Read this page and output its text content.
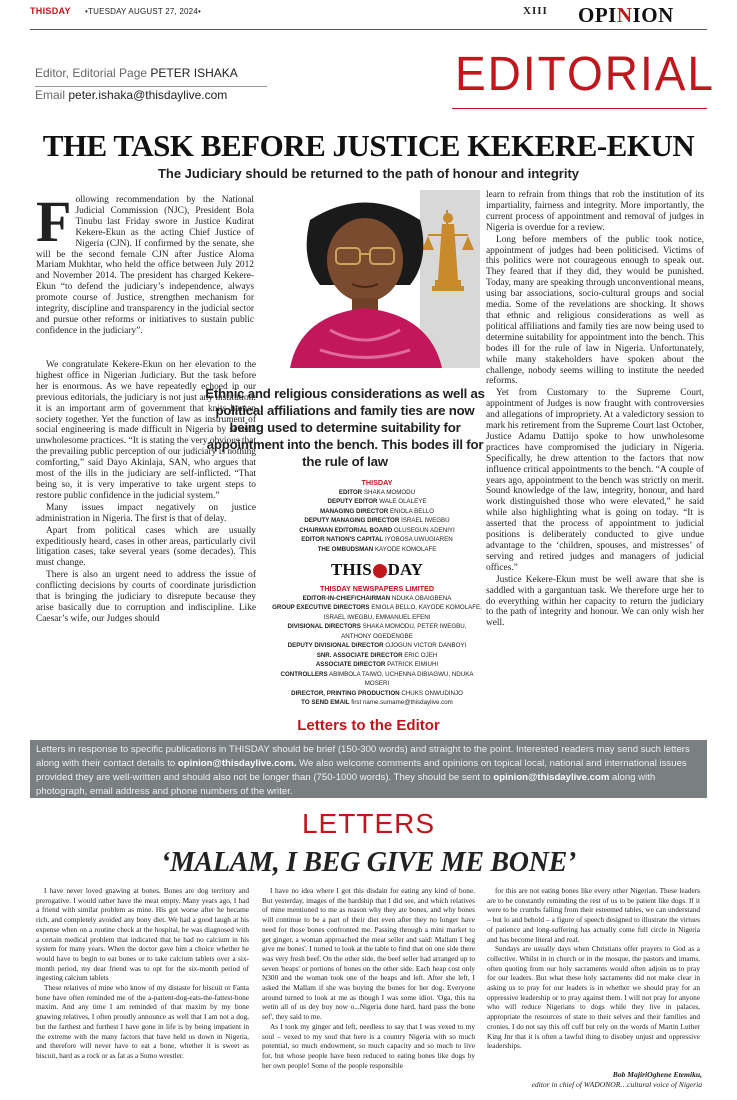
THISDAY •TUESDAY AUGUST 27, 2024•	XIII OPINION
Editor, Editorial Page PETER ISHAKA
Email peter.ishaka@thisdaylive.com	EDITORIAL
THE TASK BEFORE JUSTICE KEKERE-EKUN
The Judiciary should be returned to the path of honour and integrity
F ollowing recommendation by the National Judicial Commission (NJC), President Bola Tinubu last Friday swore in Justice Kudirat Kekere-Ekun as the acting Chief Justice of Nigeria (CJN). If confirmed by the senate, she will be the second female CJN after Justice Aloma Mariam Mukhtar, who held the office between July 2012 and November 2014. The president has charged Kekere-Ekun “to defend the judiciary’s independence, always promote course of Justice, strengthen mechanism for integrity, discipline and transparency in the judicial sector and pursue other reforms or initiatives to sustain public confidence in the judiciary”.

We congratulate Kekere-Ekun on her elevation to the highest office in Nigerian Judiciary. But the task before her is enormous. As we have repeatedly echoed in our previous editorials, the judiciary is not just any institution: it is an important arm of government that knits human society together. Yet the function of law as instrument of social engineering is made difficult in Nigeria by several unwholesome practices. “It is stating the very obvious that the prevailing public perception of our judiciary is nothing comforting,” said Dayo Akinlaja, SAN, who argues that most of the ills in the judiciary are self-inflicted. “That being so, it is very imperative to take urgent steps to restore public confidence in the judicial system.”

Many issues impact negatively on justice administration in Nigeria. The first is that of delay.

Apart from political cases which are usually expeditiously heard, cases in other areas, particularly civil litigation cases, take several years (some decades). This must change.

There is also an urgent need to address the issue of conflicting decisions by courts of coordinate jurisdiction that is bringing the judiciary to disrepute because they arise basically due to corruption and indiscipline. Like Caesar’s wife, our Judges should

Ethnic and religious considerations as well as political affiliations and family ties are now being used to determine suitability for appointment into the bench. This bodes ill for the rule of law

learn to refrain from things that rob the institution of its impartiality, fairness and integrity. More importantly, the current process of appointment and removal of judges in Nigeria is overdue for a review.

Long before members of the public took notice, appointment of judges had been politicised. Victims of this politics were not courageous enough to speak out. They feared that if they did, they would be punished. Today, many are speaking through unconventional means, using bar associations, socio-cultural groups and social media. Some of the revelations are shocking. It shows that ethnic and religious considerations as well as political affiliations and family ties are now being used to determine suitability for appointment into the bench. This bodes ill for the rule of law in Nigeria. Unfortunately, while many stakeholders have spoken about the challenge, nobody seems willing to institute the needed reforms.

Yet from Customary to the Supreme Court, appointment of Judges is now fraught with controversies and allegations of impropriety. At a valedictory session to mark his retirement from the Supreme Court last October, Justice Adamu Dattijo spoke to how unwholesome practices have compromised the judiciary in Nigeria. Specifically, he drew attention to the factors that now influence critical appointments to the bench. “A couple of years ago, appointment to the bench was strictly on merit. Sound knowledge of the law, integrity, honour, and hard work distinguished those who were elevated,” he said while also highlighting what is going on today. “It is asserted that the process of appointment to judicial positions is deliberately conducted to give undue advantage to the ‘children, spouses, and mistresses’ of serving and retired judges and managers of judicial offices.”

Justice Kekere-Ekun must be well aware that she is saddled with a gargantuan task. We therefore urge her to do everything within her capacity to return the judiciary to the path of integrity and honour. We can only wish her well.

THISDAY
EDITOR SHAKA MOMODU
DEPUTY EDITOR WALE OLALEYE
MANAGING DIRECTOR ENIOLA BELLO
DEPUTY MANAGING DIRECTOR ISRAEL IWEGBU
CHAIRMAN EDITORIAL BOARD OLUSEGUN ADENIYI
EDITOR NATION'S CAPITAL IYOBOSA UWUGIAREN
THE OMBUDSMAN KAYODE KOMOLAFE
THIS DAY
THISDAY NEWSPAPERS LIMITED
EDITOR-IN-CHIEF/CHAIRMAN NDUKA OBAIGBENA
GROUP EXECUTIVE DIRECTORS ENIOLA BELLO, KAYODE KOMOLAFE, ISRAEL IWEGBU, EMMANUEL EFENI
DIVISIONAL DIRECTORS SHAKA MOMODU, PETER IWEGBU, ANTHONY OGEDENGBE
DEPUTY DIVISIONAL DIRECTOR OJOGUN VICTOR DANBOYI
SNR. ASSOCIATE DIRECTOR ERIC OJEH
ASSOCIATE DIRECTOR PATRICK EIMIUHI
CONTROLLERS ABIMBOLA TAIWO, UCHENNA DIBIAGWU, NDUKA MOSERI
DIRECTOR, PRINTING PRODUCTION CHUKS ONWUDINJO
TO SEND EMAIL first name.surname@thisdaylive.com
Letters to the Editor
Letters in response to specific publications in THISDAY should be brief (150-300 words) and straight to the point. Interested readers may send such letters along with their contact details to opinion@thisdaylive.com. We also welcome comments and opinions on topical local, national and international issues provided they are well-written and should also not be longer than (750-1000 words). They should be sent to opinion@thisdaylive.com along with photograph, email address and phone numbers of the writer.
LETTERS
‘MALAM, I BEG GIVE ME BONE’

I have never loved gnawing at bones. Bones are dog territory and prerogative. I would rather have the meat empty. Many years ago, I had a friend with similar problem as mine. His got worse after he became rich, and completely avoided any bony diet. We had a good laugh at his expense when on a routine check at the hospital, he was diagnosed with a certain medical problem that indicated that he had no calcium in his system for many years. When the doctor gave him a choice whether he would have to begin to eat bones or to take calcium tablets over a six-month period, my dear friend was to opt for the six-month period of ingesting calcium tablets

These relatives of mine who know of my distaste for biscuit or Fanta bone have often reminded me of the a-patient-dog-eats-the-fattest-bone maxim. And any time I am reminded of that maxim by my bone gnawing relatives, I often proudly announce as well that I am not a dog, but the farthest and furthest I have gone in life is by being impatient in the extreme with the many factors that have held us down in Nigeria, and therefore will never have to eat a bone, whether it is sweet as biscuit, hard as a rock or as fat as a Sumo wrestler.

I have no idea where I got this disdain for eating any kind of bone. But yesterday, images of the hardship that I did see, and which relatives of mine mentioned to me as reason why they ate bones, and why bones will continue to be a part of their diet even after they no longer have need for those bones confronted me. Passing through a mini market to get ginger, a woman approached the meat seller and said: Mallam I beg give me bones'. I turned to look at the table to find that on one side there was very fresh beef. On the other side, the beef seller had arranged up to seven 'heaps' or portions of bones on the other side. Each heap cost only N300 and the woman took one of the heaps and left. After she left, I asked the Mallam if she was buying the bones for her dog. Everyone around turned to look at me as though I was some idiot. 'Oga, this na wetin all of us dey buy now o...Nigeria done hard, hard pass the bone sef', they said to me.

As I took my ginger and left, needless to say that I was vexed to my soul – vexed to my soul that here is a country Nigeria with so much potential, so much endowment, so much capacity and so much to live for, but whose people have been reduced to eating bones like dogs by her own people! Some of the people responsible

for this are not eating bones like every other Nigerian. These leaders are to be constantly reminding the rest of us to be patient like dogs. If it were to be crumbs falling from their esteemed tables, we can understand – but lo and behold – a figure of speech designed to illustrate the virtues of patience and long-suffering has actually come full circle in Nigeria and has become literal and real.

Sundays are usually days when Christians offer prayers to God as a collective. Whilst in in church or in the mosque, the pastors and imams, often quoting from our holy sacraments would often adjoin us to pray for our leaders. But what these holy sacraments did not make clear in asking us to pray for our leaders is in whether we should pray for an oppressive leadership or to pray against them. I will not pray for anyone who will reduce Nigerians to dogs while they live in palaces, appropriate the resources of state to their selves and their families and cronies. I do not say this off cuff but rely on the words of Martin Luther King Jnr that it is often a lawful thing to disobey unjust and oppressive leaderships.

Bob MajiriOghene Etemiku,
editor in chief of WADONOR…cultural voice of Nigeria
